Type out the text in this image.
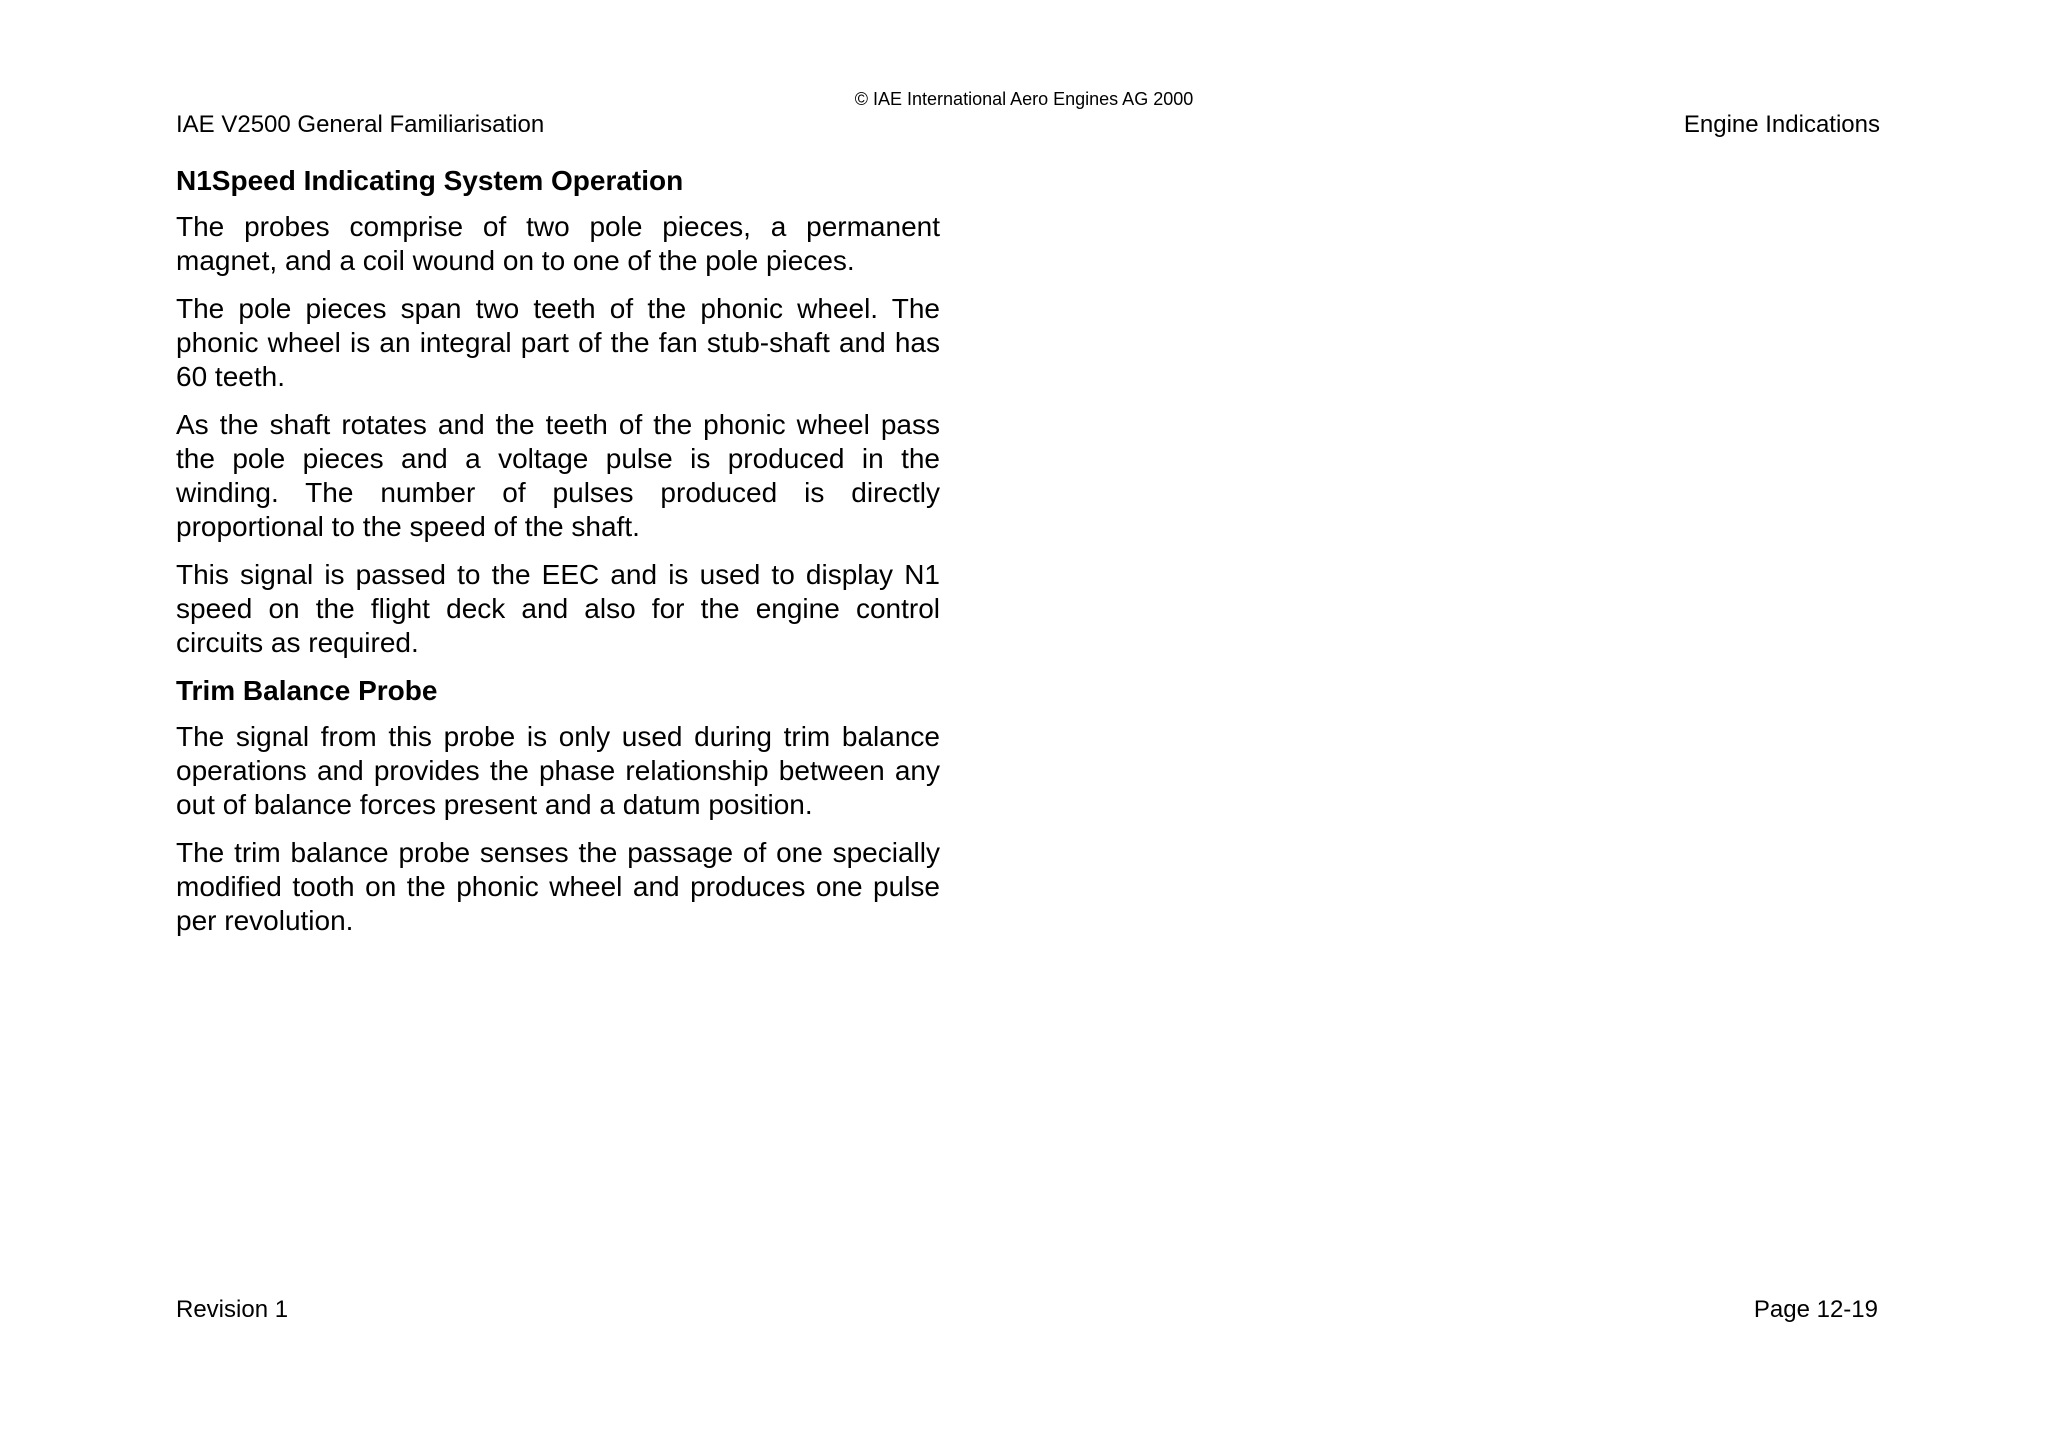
© IAE International Aero Engines AG 2000
IAE V2500 General Familiarisation	Engine Indications
N1Speed Indicating System Operation

The probes comprise of two pole pieces, a permanent magnet, and a coil wound on to one of the pole pieces.

The pole pieces span two teeth of the phonic wheel. The phonic wheel is an integral part of the fan stub-shaft and has 60 teeth.

As the shaft rotates and the teeth of the phonic wheel pass the pole pieces and a voltage pulse is produced in the winding. The number of pulses produced is directly proportional to the speed of the shaft.

This signal is passed to the EEC and is used to display N1 speed on the flight deck and also for the engine control circuits as required.

Trim Balance Probe

The signal from this probe is only used during trim balance operations and provides the phase relationship between any out of balance forces present and a datum position.

The trim balance probe senses the passage of one specially modified tooth on the phonic wheel and produces one pulse per revolution.

Revision 1	Page 12-19
